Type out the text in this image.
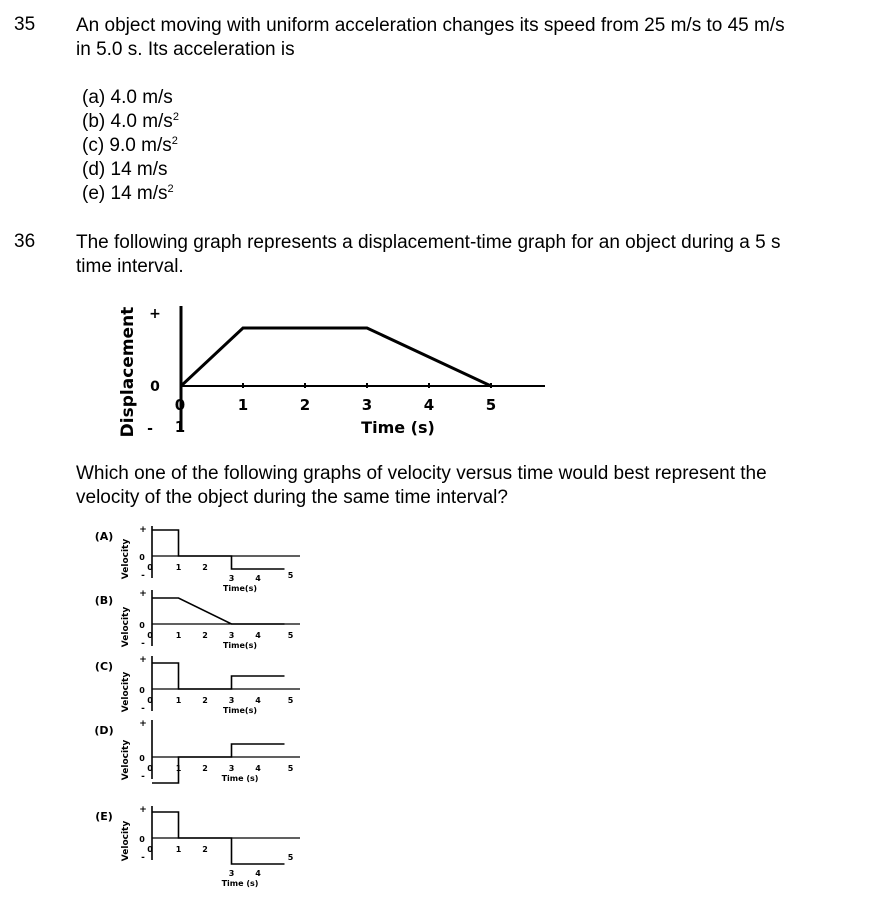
35 An object moving with uniform acceleration changes its speed from 25 m/s to 45 m/s
in 5.0 s. Its acceleration is
(a) 4.0 m/s
(b) 4.0 $m/s^2$
(c) 9.0 $m/s^2$
(d) 14 m/s
(e) 14 $m/s^2$
36 The following graph represents a displacement-time graph for an object during a 5 s
time interval.
Which one of the following graphs of velocity versus time would best represent the
velocity of the object during the same time interval?
Displacement +
0
-
0	1	2	3	4	5
1	Time (s)
(A)
Velocity
+
0
-
0	1	2
3	4	5
Time(s)
(B)
Velocity
+
0
-
0	1	2	3	4	5
Time(s)
(C)
Velocity
+
0
-
0	1	2	3	4	5
Time(s)
(D)
Velocity
+
0
-
0	1	2	3	4	5
Time (s)
(E)
Velocity
+
0
-
0	1	2
3	4
5
Time (s)
